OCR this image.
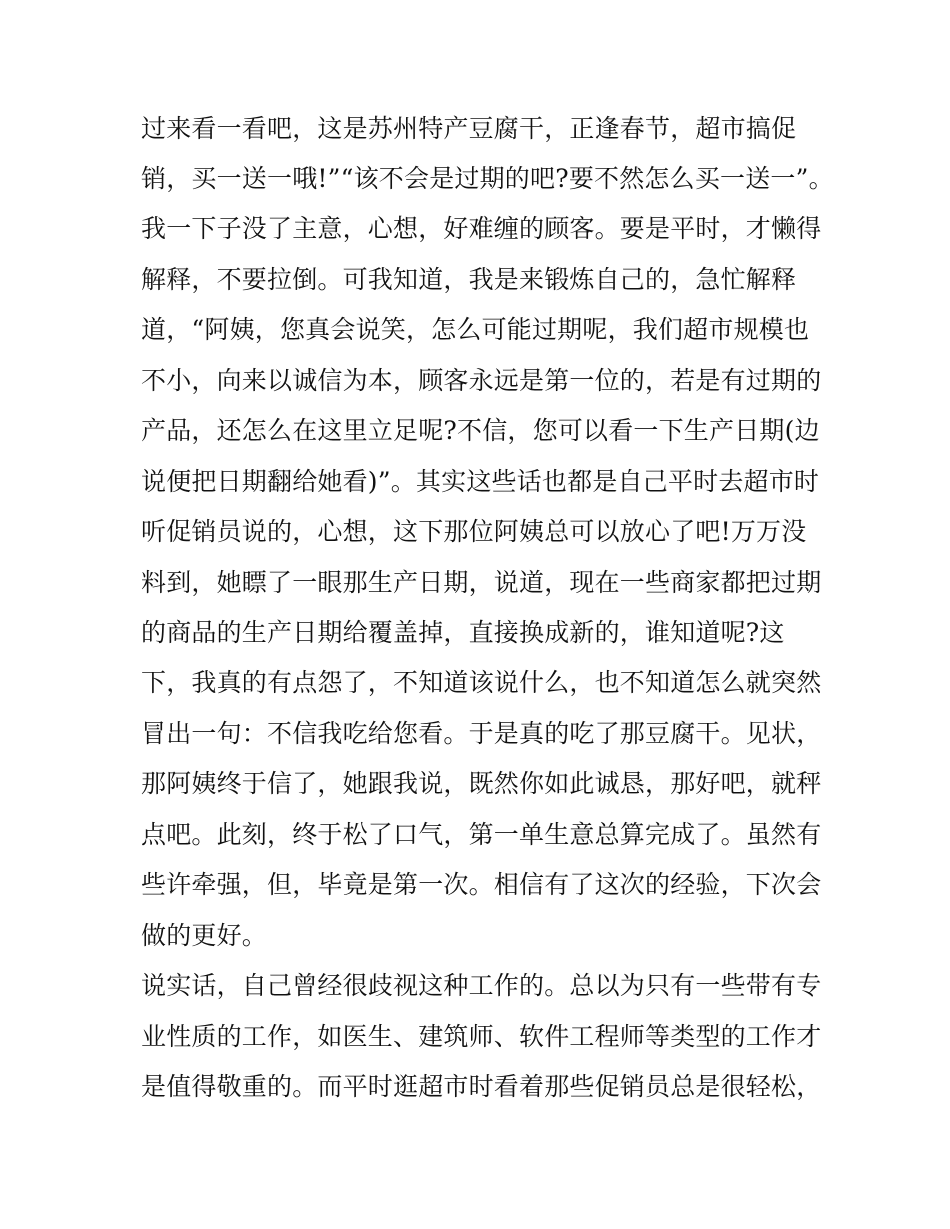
过来看一看吧，这是苏州特产豆腐干，正逢春节，超市搞促
销，买一送一哦!”“该不会是过期的吧?要不然怎么买一送一”。
我一下子没了主意，心想，好难缠的顾客。要是平时，才懒得
解释，不要拉倒。可我知道，我是来锻炼自己的，急忙解释
道，“阿姨，您真会说笑，怎么可能过期呢，我们超市规模也
不小，向来以诚信为本，顾客永远是第一位的，若是有过期的
产品，还怎么在这里立足呢?不信，您可以看一下生产日期(边
说便把日期翻给她看)”。其实这些话也都是自己平时去超市时
听促销员说的，心想，这下那位阿姨总可以放心了吧!万万没
料到，她瞟了一眼那生产日期，说道，现在一些商家都把过期
的商品的生产日期给覆盖掉，直接换成新的，谁知道呢?这
下，我真的有点怨了，不知道该说什么，也不知道怎么就突然
冒出一句：不信我吃给您看。于是真的吃了那豆腐干。见状，
那阿姨终于信了，她跟我说，既然你如此诚恳，那好吧，就秤
点吧。此刻，终于松了口气，第一单生意总算完成了。虽然有
些许牵强，但，毕竟是第一次。相信有了这次的经验，下次会
做的更好。
说实话，自己曾经很歧视这种工作的。总以为只有一些带有专
业性质的工作，如医生、建筑师、软件工程师等类型的工作才
是值得敬重的。而平时逛超市时看着那些促销员总是很轻松，
